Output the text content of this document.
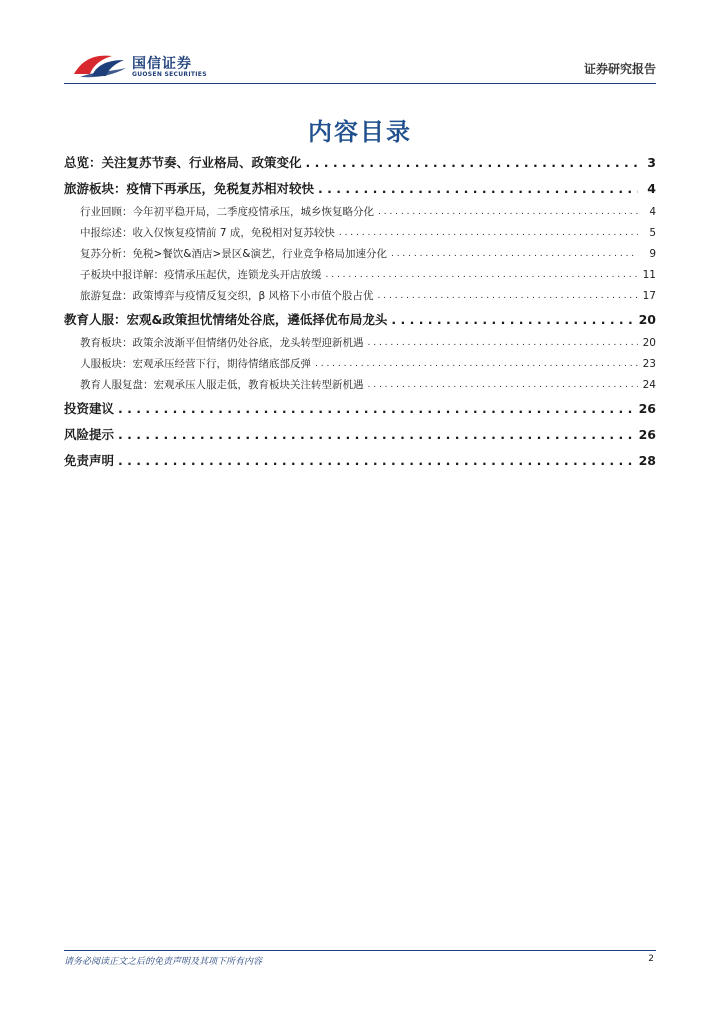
国信证券
GUOSEN SECURITIES	证券研究报告
内容目录
总览：关注复苏节奏、行业格局、政策变化 . . .	3
旅游板块：疫情下再承压，免税复苏相对较快 . . .	4
行业回顾：今年初平稳开局，二季度疫情承压，城乡恢复略分化 . . .	4
中报综述：收入仅恢复疫情前 7 成，免税相对复苏较快 . . .	5
复苏分析：免税>餐饮&酒店>景区&演艺，行业竞争格局加速分化 . . .	9
子板块中报详解：疫情承压起伏，连锁龙头开店放缓 . . .	11
旅游复盘：政策博弈与疫情反复交织，β 风格下小市值个股占优 . . .	17
教育人服：宏观&政策担忧情绪处谷底，遴低择优布局龙头 . . .	20
教育板块：政策余波渐平但情绪仍处谷底，龙头转型迎新机遇 . . .	20
人服板块：宏观承压经营下行，期待情绪底部反弹 . . .	23
教育人服复盘：宏观承压人服走低，教育板块关注转型新机遇 . . .	24
投资建议 . . .	26
风险提示 . . .	26
免责声明 . . .	28
请务必阅读正文之后的免责声明及其项下所有内容	2
